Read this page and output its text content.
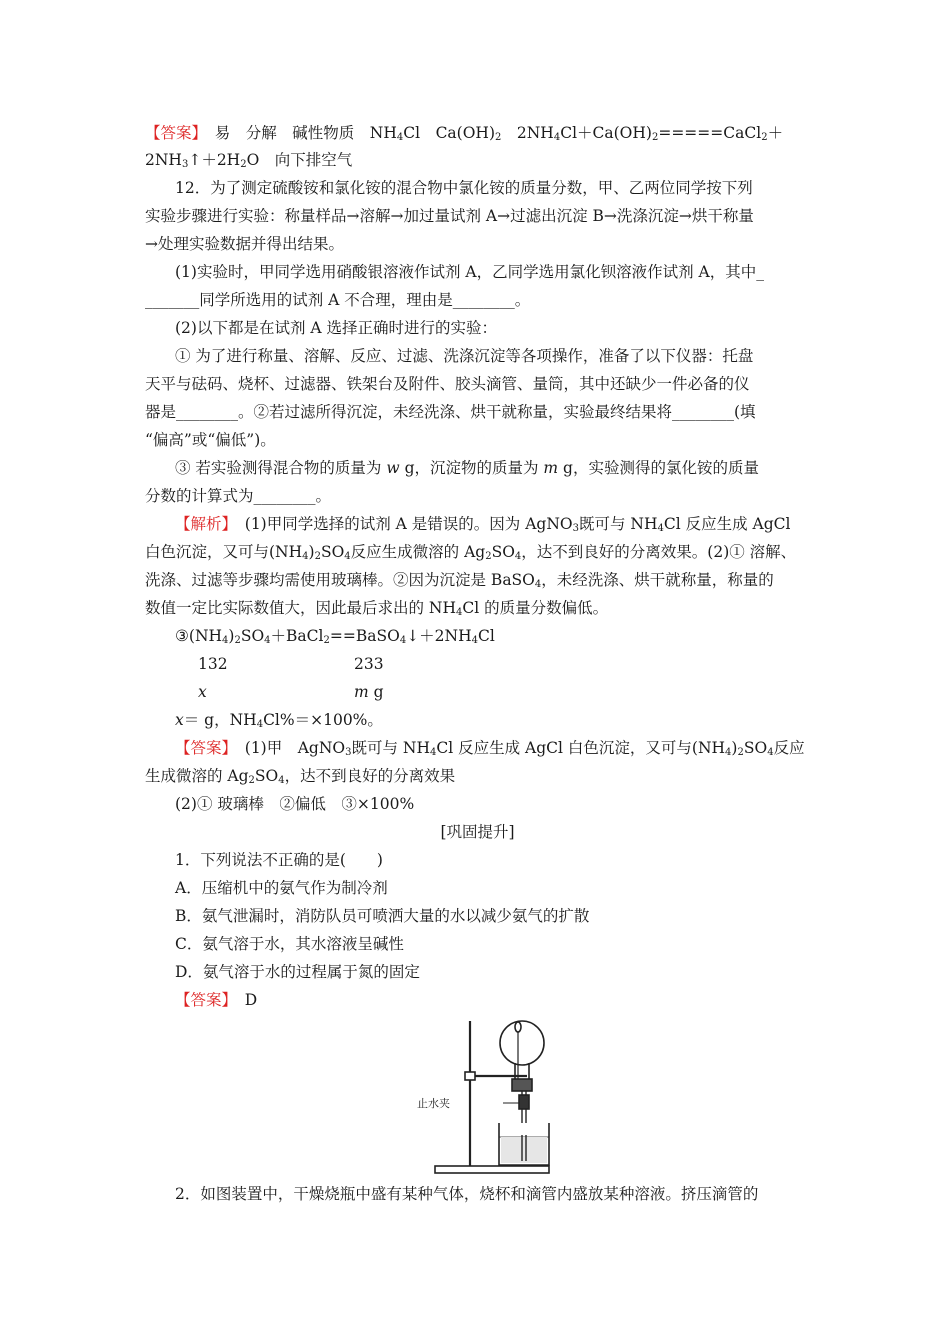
【答案】　 易　分解　碱性物质　$NH_4Cl$　$Ca(OH)_2$　$2NH_4Cl+Ca(OH)_2=====CaCl_2+$
$2NH_3↑+2H_2O$　向下排空气
12．为了测定硫酸铵和氯化铵的混合物中氯化铵的质量分数，甲、乙两位同学按下列
实验步骤进行实验：称量样品→溶解→加过量试剂 A→过滤出沉淀 B→洗涤沉淀→烘干称量
→处理实验数据并得出结果。
(1)实验时，甲同学选用硝酸银溶液作试剂 A，乙同学选用氯化钡溶液作试剂 A，其中_
_______同学所选用的试剂 A 不合理，理由是________。
(2)以下都是在试剂 A 选择正确时进行的实验：
① 为了进行称量、溶解、反应、过滤、洗涤沉淀等各项操作，准备了以下仪器：托盘
天平与砝码、烧杯、过滤器、铁架台及附件、胶头滴管、量筒，其中还缺少一件必备的仪
器是________。②若过滤所得沉淀，未经洗涤、烘干就称量，实验最终结果将________(填
“偏高”或“偏低”)。
③ 若实验测得混合物的质量为 w g，沉淀物的质量为 m g，实验测得的氯化铵的质量
分数的计算式为________。
【解析】　(1)甲同学选择的试剂 A 是错误的。因为 AgNO$_3$既可与 $NH_4Cl$ 反应生成 AgCl
白色沉淀，又可与$(NH_4)_2SO_4$反应生成微溶的 $Ag_2SO_4$，达不到良好的分离效果。(2)① 溶解、
洗涤、过滤等步骤均需使用玻璃棒。②因为沉淀是 BaSO$_4$，未经洗涤、烘干就称量，称量的
数值一定比实际数值大，因此最后求出的 $NH_4Cl$ 的质量分数偏低。
$③(NH_4)_2SO_4+BaCl_2==BaSO_4↓+2NH_4Cl$
132	233
x	m g
x＝ g，$NH_4Cl\%=\times 100\%$。
【答案】　(1)甲　AgNO$_3$既可与 $NH_4Cl$ 反应生成 AgCl 白色沉淀，又可与$(NH_4)_2SO_4$反应
生成微溶的 $Ag_2SO_4$，达不到良好的分离效果
(2)① 玻璃棒　②偏低　③×100%
[巩固提升]
1．下列说法不正确的是(　　)
A．压缩机中的氨气作为制冷剂
B．氨气泄漏时，消防队员可喷洒大量的水以减少氨气的扩散
C．氨气溶于水，其水溶液呈碱性
D．氨气溶于水的过程属于氮的固定
【答案】　D
止水夹
2．如图装置中，干燥烧瓶中盛有某种气体，烧杯和滴管内盛放某种溶液。挤压滴管的
